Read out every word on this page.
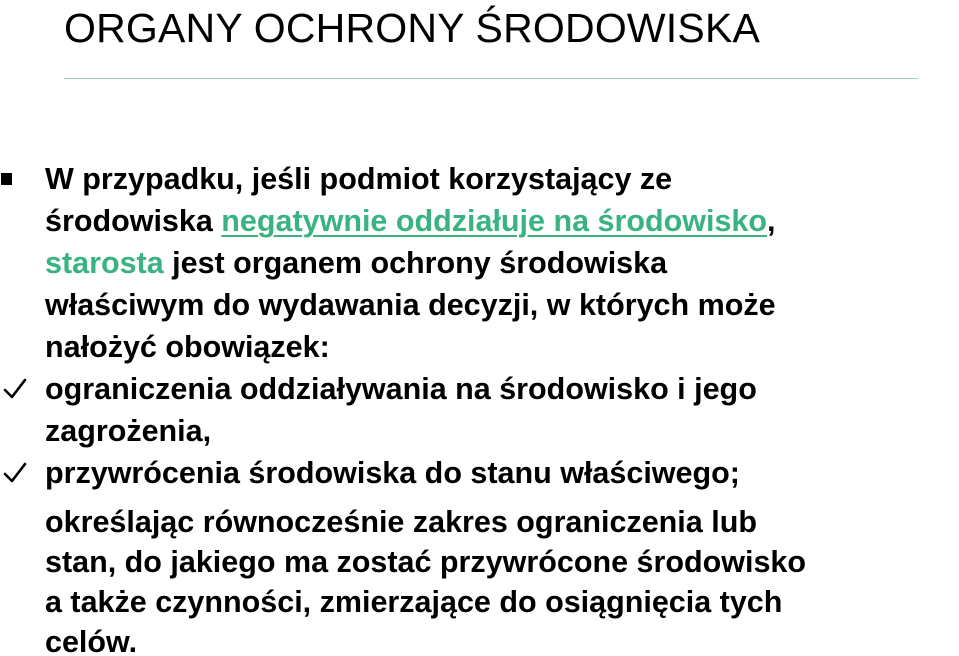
ORGANY OCHRONY ŚRODOWISKA
W przypadku, jeśli podmiot korzystający ze
środowiska negatywnie oddziałuje na środowisko,
starosta jest organem ochrony środowiska
właściwym do wydawania decyzji, w których może
nałożyć obowiązek:
ograniczenia oddziaływania na środowisko i jego
zagrożenia,
przywrócenia środowiska do stanu właściwego;
określając równocześnie zakres ograniczenia lub
stan, do jakiego ma zostać przywrócone środowisko
a także czynności, zmierzające do osiągnięcia tych
celów.
